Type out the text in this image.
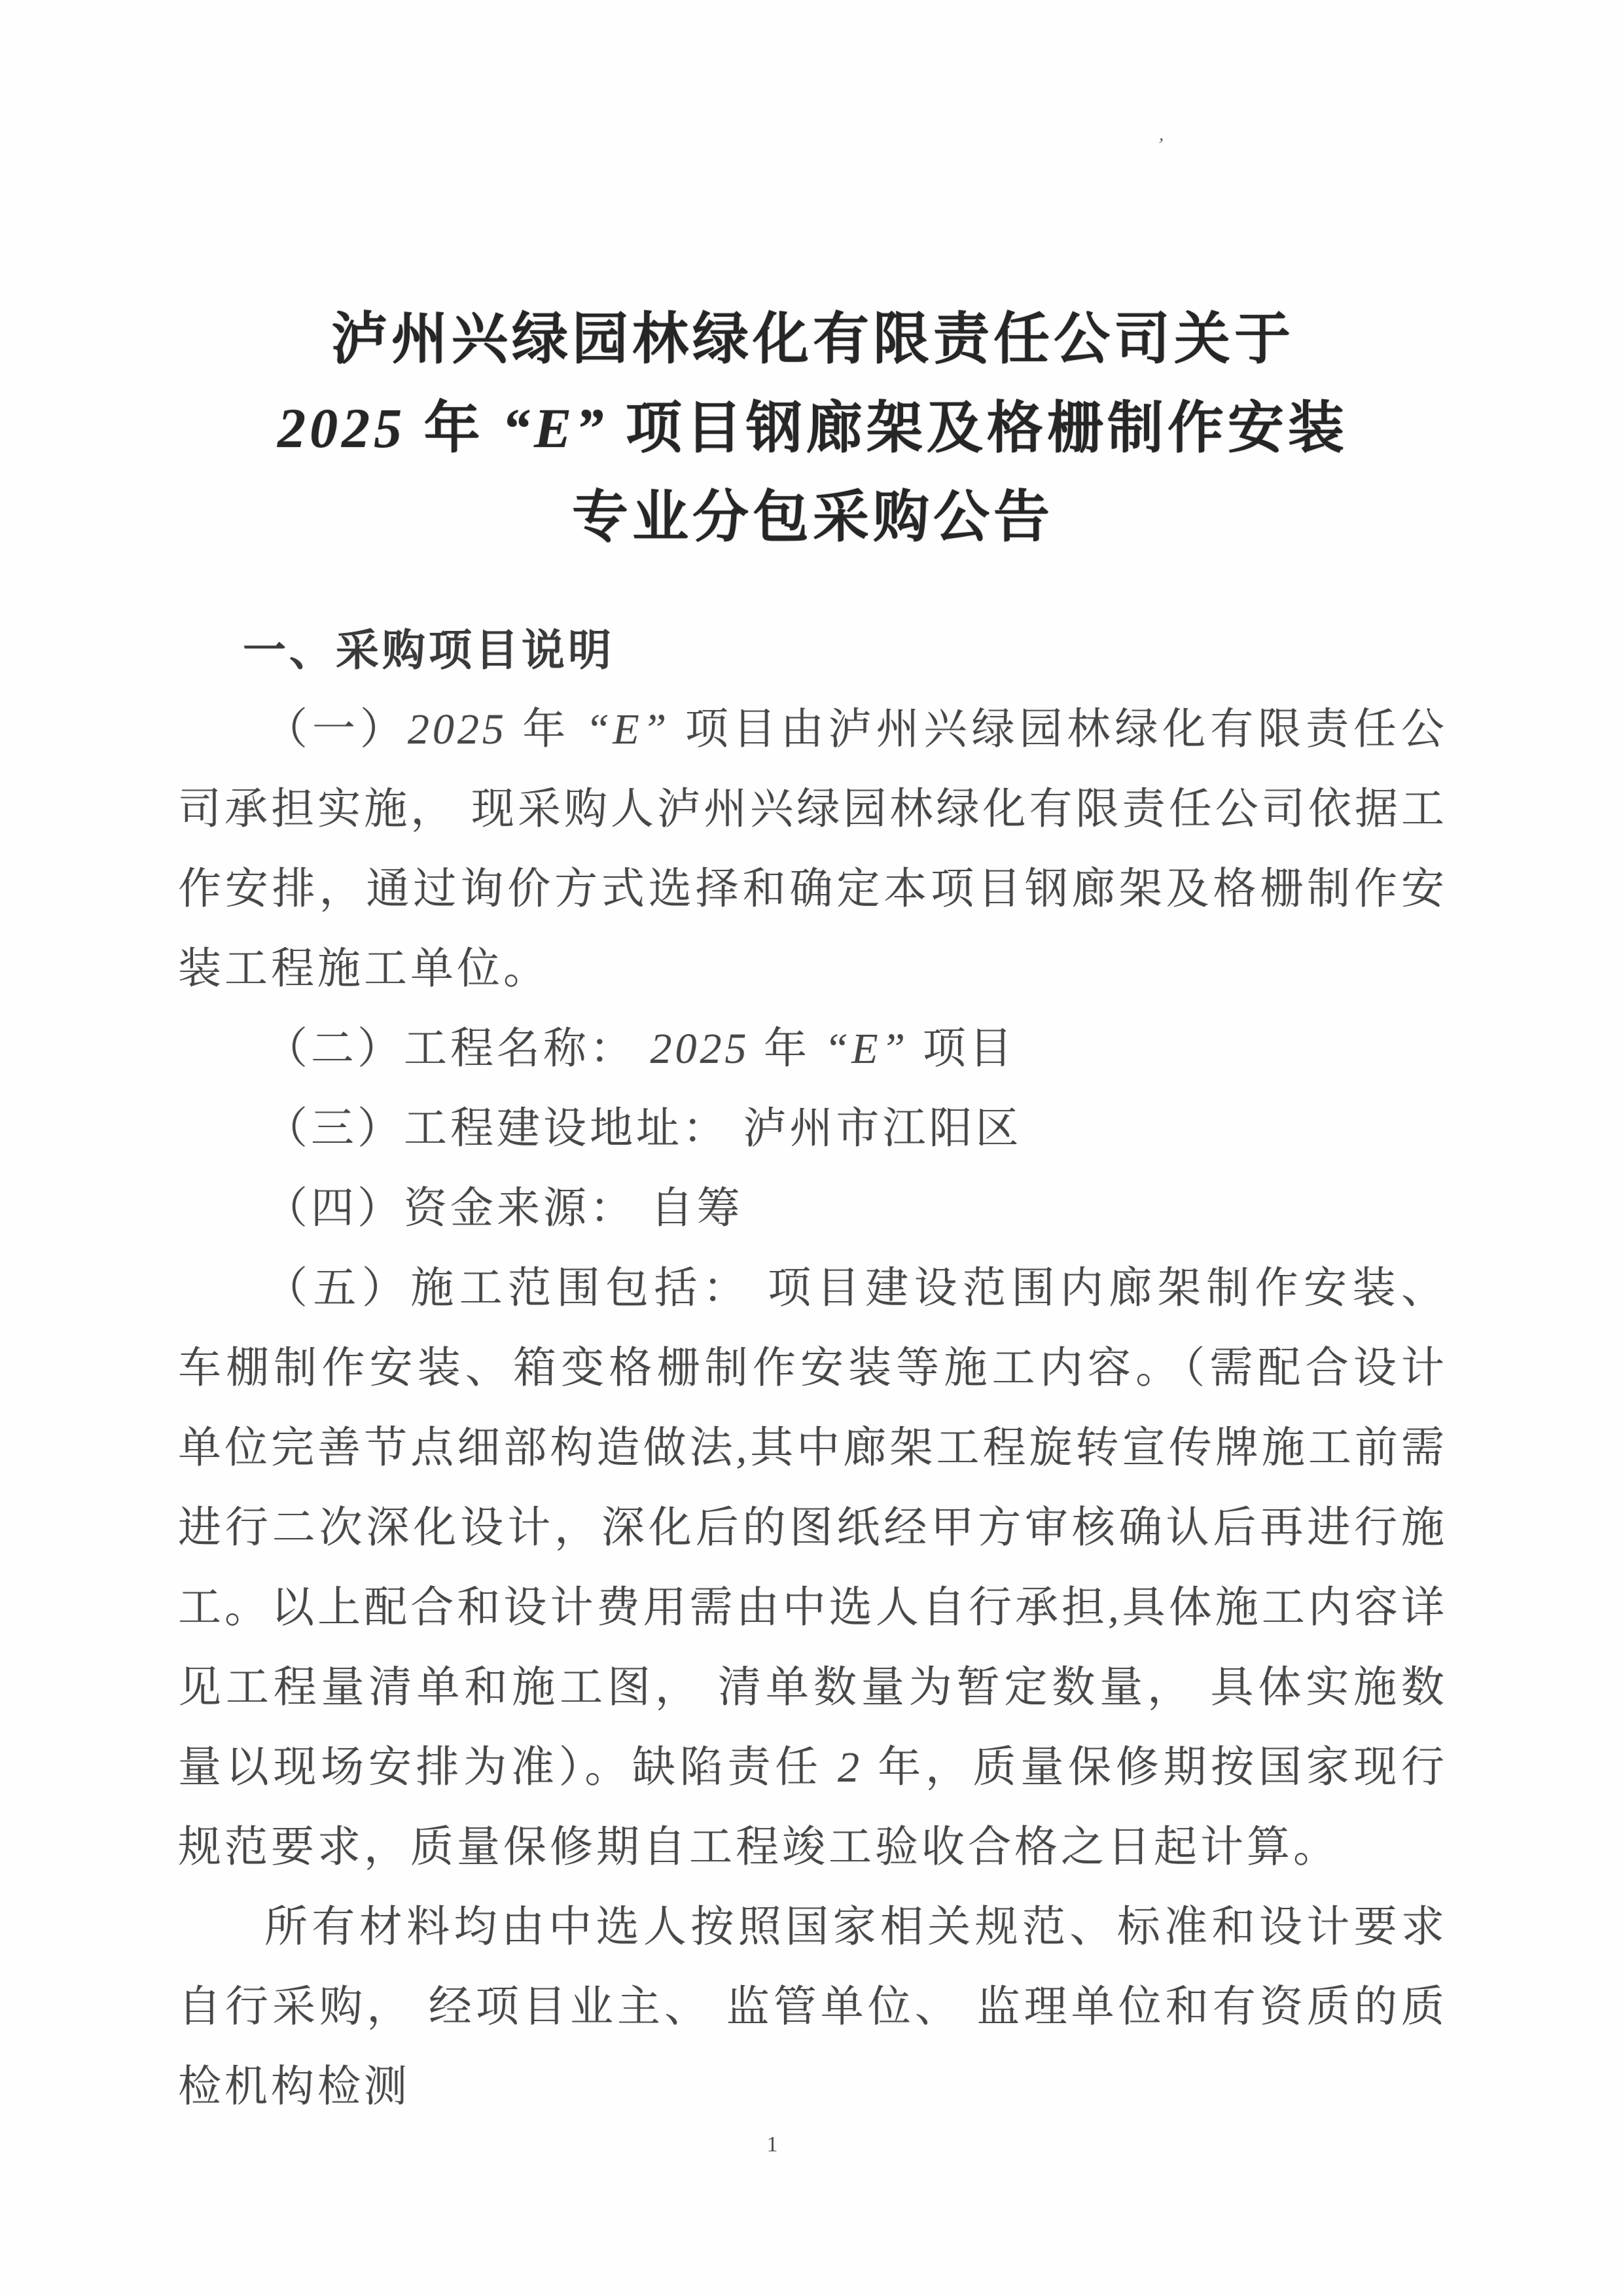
’
泸州兴绿园林绿化有限责任公司关于
2025 年 “E” 项目钢廊架及格栅制作安装
专业分包采购公告
一、采购项目说明

（一）2025 年 “E” 项目由泸州兴绿园林绿化有限责任公司承担实施， 现采购人泸州兴绿园林绿化有限责任公司依据工作安排，通过询价方式选择和确定本项目钢廊架及格栅制作安装工程施工单位。

（二）工程名称： 2025 年 “E” 项目

（三）工程建设地址： 泸州市江阳区

（四）资金来源： 自筹

（五）施工范围包括： 项目建设范围内廊架制作安装、 车棚制作安装、箱变格栅制作安装等施工内容。（需配合设计单位完善节点细部构造做法,其中廊架工程旋转宣传牌施工前需进行二次深化设计，深化后的图纸经甲方审核确认后再进行施工。以上配合和设计费用需由中选人自行承担,具体施工内容详见工程量清单和施工图， 清单数量为暂定数量， 具体实施数量以现场安排为准）。缺陷责任 2 年，质量保修期按国家现行规范要求，质量保修期自工程竣工验收合格之日起计算。

所有材料均由中选人按照国家相关规范、标准和设计要求自行采购， 经项目业主、 监管单位、 监理单位和有资质的质检机构检测

1
